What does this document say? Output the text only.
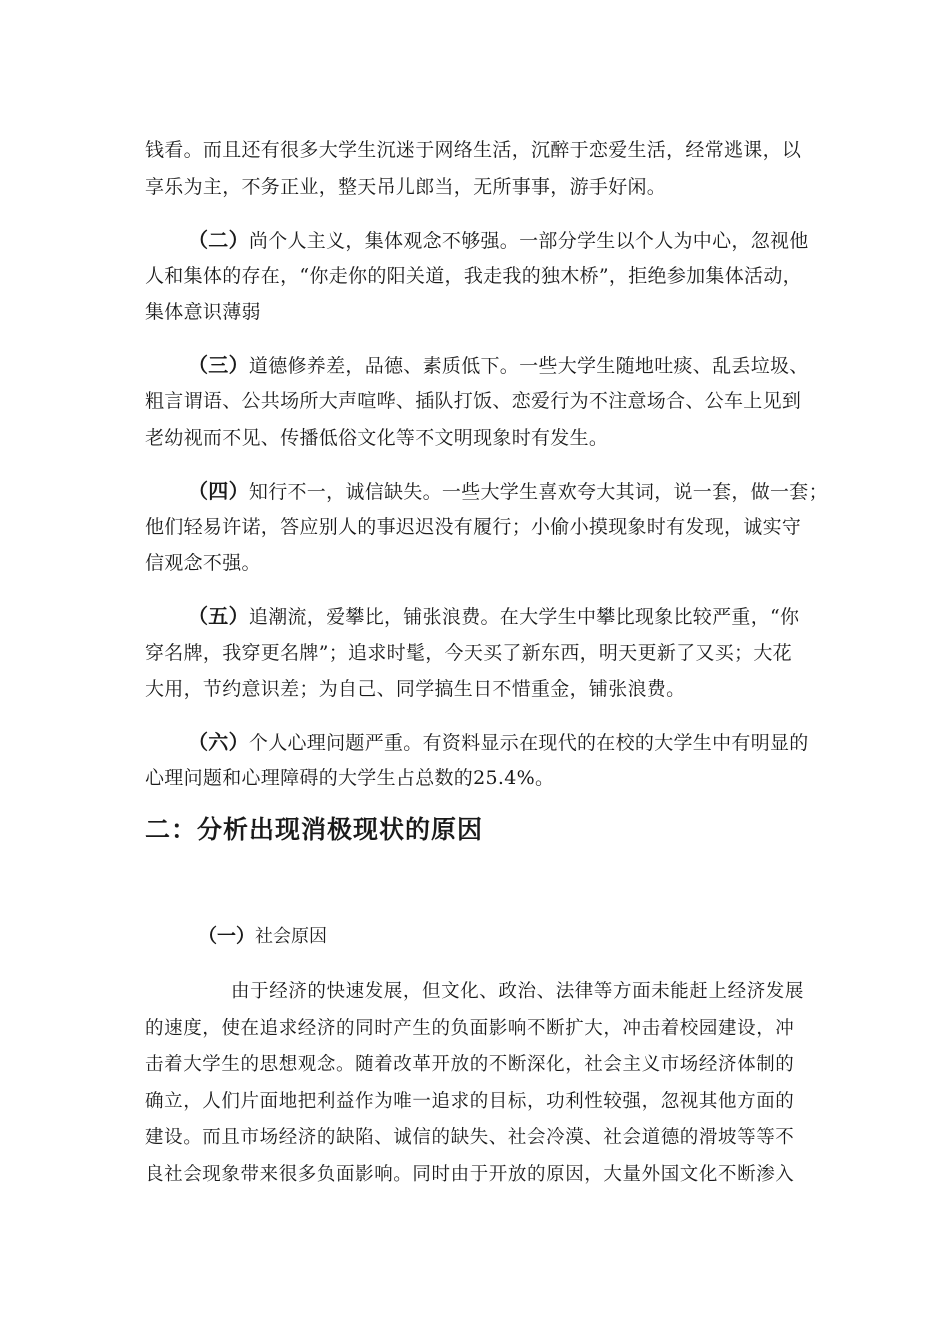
钱看。而且还有很多大学生沉迷于网络生活，沉醉于恋爱生活，经常逃课，以
享乐为主，不务正业，整天吊儿郎当，无所事事，游手好闲。
（二）尚个人主义，集体观念不够强。一部分学生以个人为中心，忽视他
人和集体的存在，“你走你的阳关道，我走我的独木桥”，拒绝参加集体活动，
集体意识薄弱
（三）道德修养差，品德、素质低下。一些大学生随地吐痰、乱丢垃圾、
粗言谓语、公共场所大声喧哗、插队打饭、恋爱行为不注意场合、公车上见到
老幼视而不见、传播低俗文化等不文明现象时有发生。
（四）知行不一，诚信缺失。一些大学生喜欢夸大其词，说一套，做一套；
他们轻易许诺，答应别人的事迟迟没有履行；小偷小摸现象时有发现，诚实守
信观念不强。
（五）追潮流，爱攀比，铺张浪费。在大学生中攀比现象比较严重，“你
穿名牌，我穿更名牌”；追求时髦，今天买了新东西，明天更新了又买；大花
大用，节约意识差；为自己、同学搞生日不惜重金，铺张浪费。
（六）个人心理问题严重。有资料显示在现代的在校的大学生中有明显的
心理问题和心理障碍的大学生占总数的25.4%。
二：分析出现消极现状的原因
（一）社会原因
由于经济的快速发展，但文化、政治、法律等方面未能赶上经济发展
的速度，使在追求经济的同时产生的负面影响不断扩大，冲击着校园建设，冲
击着大学生的思想观念。随着改革开放的不断深化，社会主义市场经济体制的
确立，人们片面地把利益作为唯一追求的目标，功利性较强，忽视其他方面的
建设。而且市场经济的缺陷、诚信的缺失、社会冷漠、社会道德的滑坡等等不
良社会现象带来很多负面影响。同时由于开放的原因，大量外国文化不断渗入
